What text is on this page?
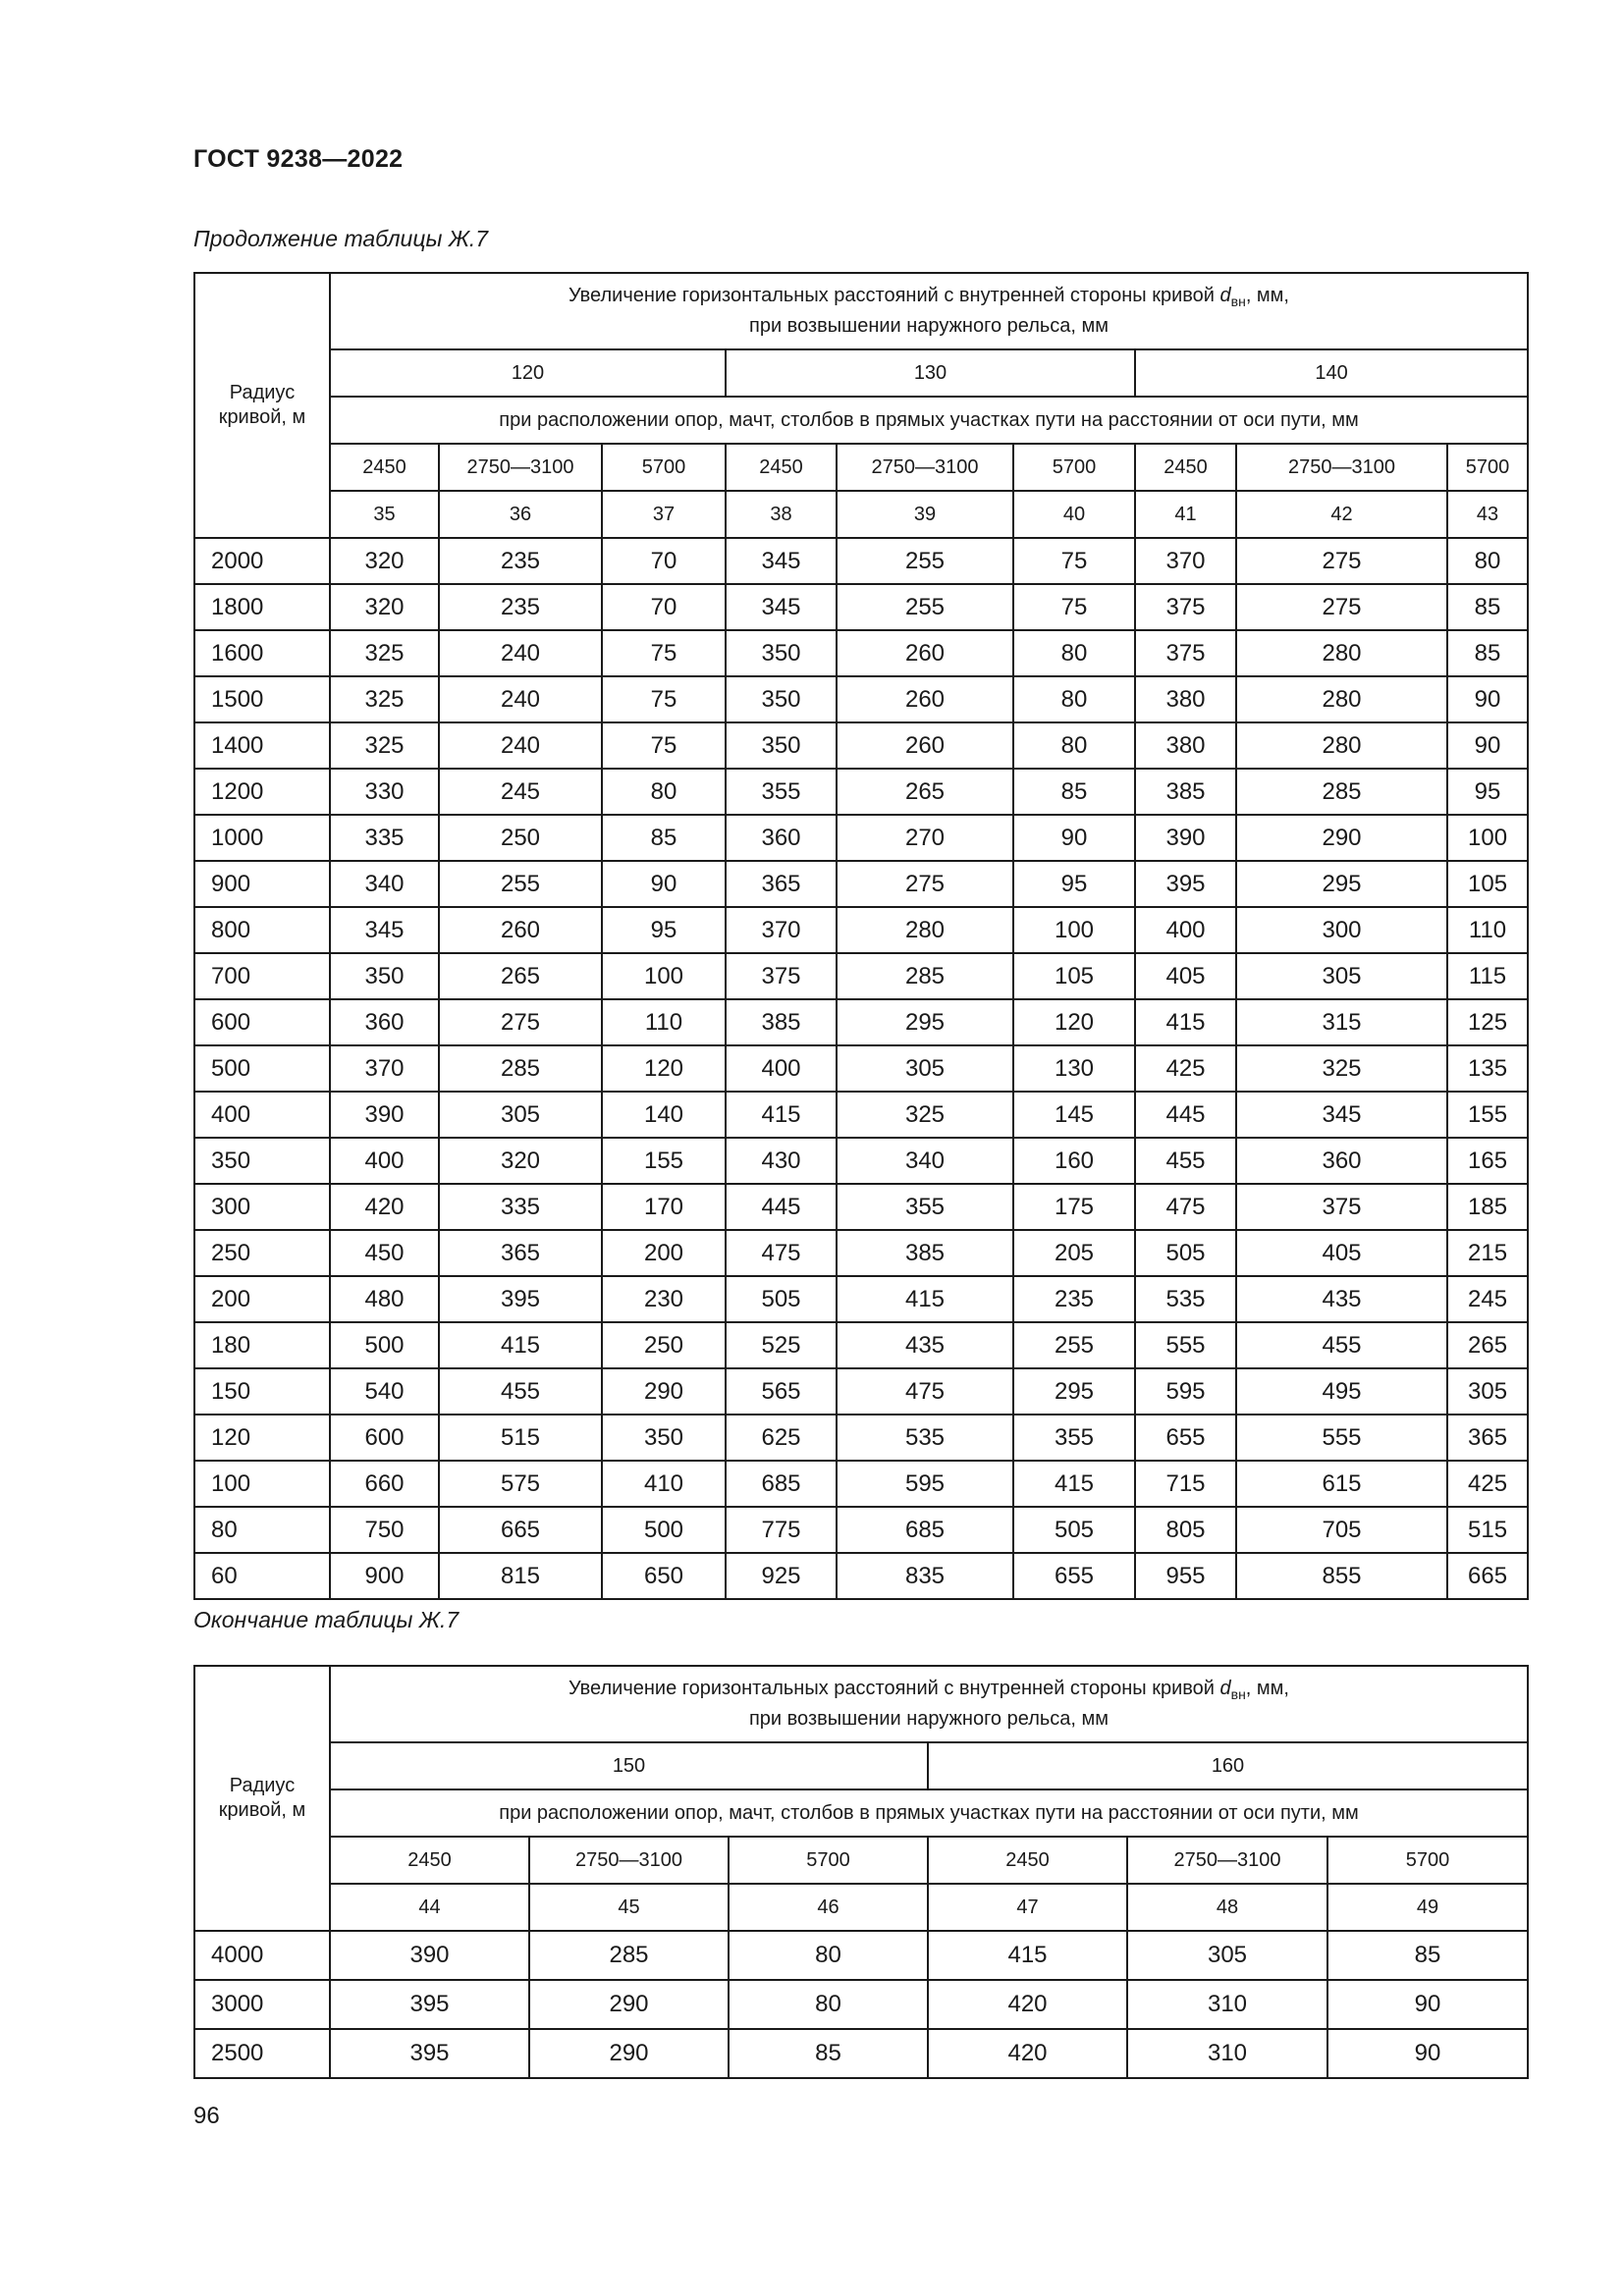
ГОСТ 9238—2022
Продолжение таблицы Ж.7
Радиус кривой, м	Увеличение горизонтальных расстояний с внутренней стороны кривой $d_{вн}$, мм,
при возвышении наружного рельса, мм								
	120			130			140		
	при расположении опор, мачт, столбов в прямых участках пути на расстоянии от оси пути, мм								
	2450	2750—3100	5700	2450	2750—3100	5700	2450	2750—3100	5700
	35	36	37	38	39	40	41	42	43
2000	320	235	70	345	255	75	370	275	80
1800	320	235	70	345	255	75	375	275	85
1600	325	240	75	350	260	80	375	280	85
1500	325	240	75	350	260	80	380	280	90
1400	325	240	75	350	260	80	380	280	90
1200	330	245	80	355	265	85	385	285	95
1000	335	250	85	360	270	90	390	290	100
900	340	255	90	365	275	95	395	295	105
800	345	260	95	370	280	100	400	300	110
700	350	265	100	375	285	105	405	305	115
600	360	275	110	385	295	120	415	315	125
500	370	285	120	400	305	130	425	325	135
400	390	305	140	415	325	145	445	345	155
350	400	320	155	430	340	160	455	360	165
300	420	335	170	445	355	175	475	375	185
250	450	365	200	475	385	205	505	405	215
200	480	395	230	505	415	235	535	435	245
180	500	415	250	525	435	255	555	455	265
150	540	455	290	565	475	295	595	495	305
120	600	515	350	625	535	355	655	555	365
100	660	575	410	685	595	415	715	615	425
80	750	665	500	775	685	505	805	705	515
60	900	815	650	925	835	655	955	855	665
Окончание таблицы Ж.7
Радиус кривой, м	Увеличение горизонтальных расстояний с внутренней стороны кривой $d_{вн}$, мм,
при возвышении наружного рельса, мм					
	150			160		
	при расположении опор, мачт, столбов в прямых участках пути на расстоянии от оси пути, мм					
	2450	2750—3100	5700	2450	2750—3100	5700
	44	45	46	47	48	49
4000	390	285	80	415	305	85
3000	395	290	80	420	310	90
2500	395	290	85	420	310	90
96
